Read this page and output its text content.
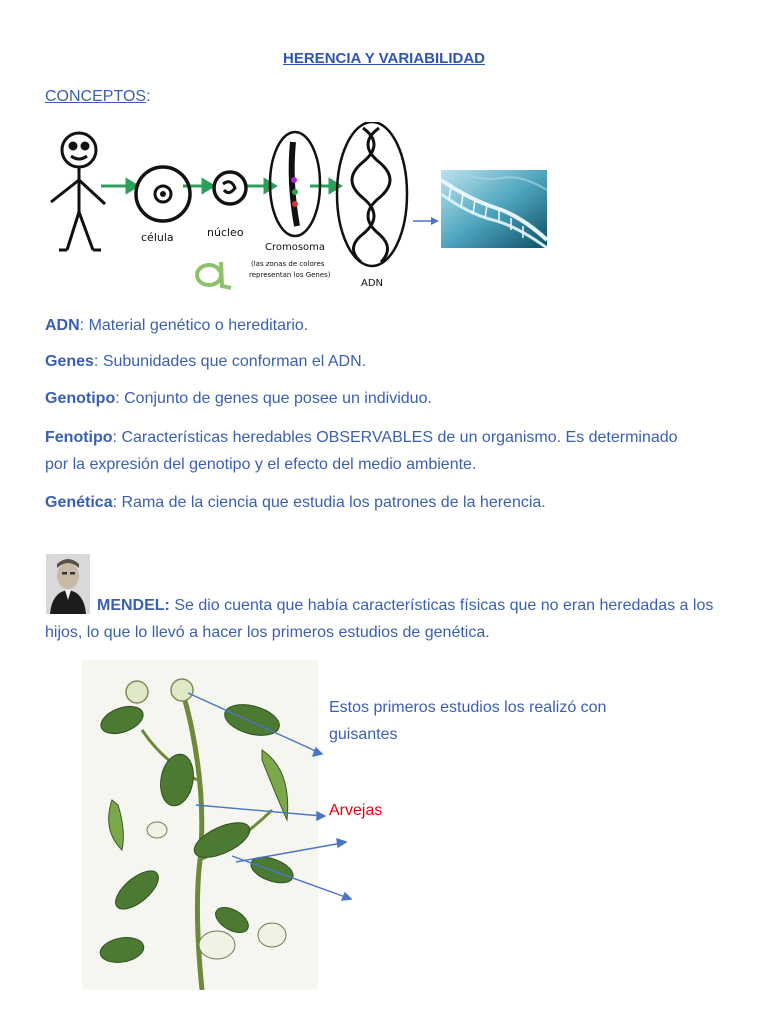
HERENCIA Y VARIABILIDAD
CONCEPTOS:
célula	núcleo
Cromosoma
(las zonas de colores
representan los Genes)
ADN
ADN: Material genético o hereditario.
Genes: Subunidades que conforman el ADN.
Genotipo: Conjunto de genes que posee un individuo.
Fenotipo: Características heredables OBSERVABLES de un organismo. Es determinado por la expresión del genotipo y el efecto del medio ambiente.
Genética: Rama de la ciencia que estudia los patrones de la herencia.
MENDEL: Se dio cuenta que había características físicas que no eran heredadas a los hijos, lo que lo llevó a hacer los primeros estudios de genética.
Estos primeros estudios los realizó con guisantes
Arvejas
